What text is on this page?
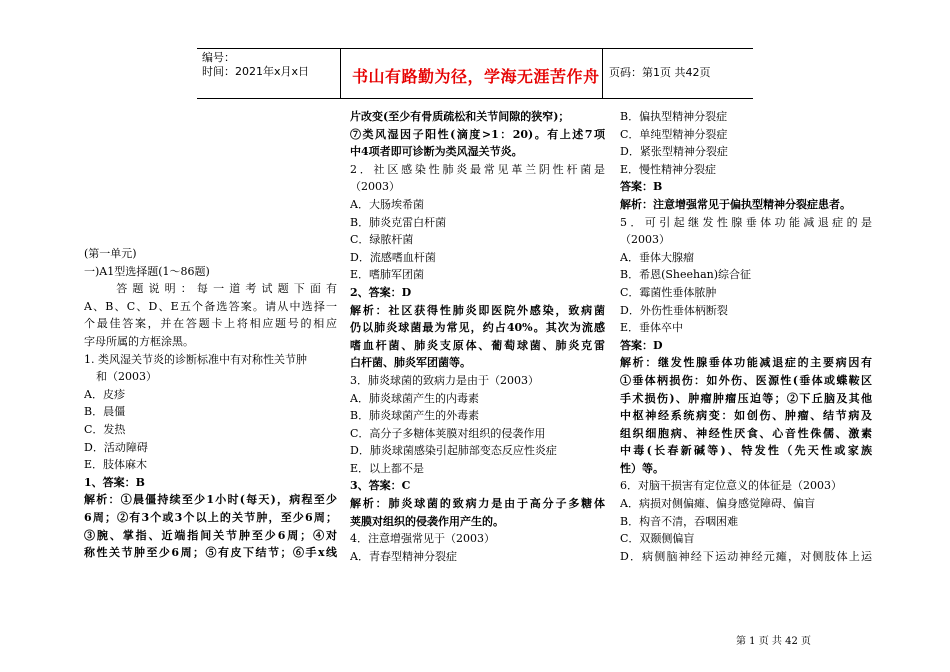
编号：
时间：2021年x月x日	书山有路勤为径，学海无涯苦作舟 页码：第1页 共42页

(第一单元)

一)A1型选择题(1～86题)

　　答题说明：每一道考试题下面有

A、B、C、D、E五个备选答案。请从中选择一

个最佳答案，并在答题卡上将相应题号的相应

字母所属的方框涂黑。

1. 类风湿关节炎的诊断标准中有对称性关节肿

和（2003）

A．皮疹

B．晨僵

C．发热

D．活动障碍

E．肢体麻木

1、答案：B

解析：①晨僵持续至少1小时(每天)，病程至少

6周；②有3个或3个以上的关节肿，至少6周；

③腕、掌指、近端指间关节肿至少6周；④对

称性关节肿至少6周；⑤有皮下结节；⑥手x线

片改变(至少有骨质疏松和关节间隙的狭窄)；

⑦类风湿因子阳性(滴度>1：20)。有上述7项

中4项者即可诊断为类风湿关节炎。

2．社区感染性肺炎最常见革兰阴性杆菌是

（2003）

A．大肠埃希菌

B．肺炎克雷白杆菌

C．绿脓杆菌

D．流感嗜血杆菌

E．嗜肺军团菌

2、答案：D

解析：社区获得性肺炎即医院外感染，致病菌

仍以肺炎球菌最为常见，约占40%。其次为流感

嗜血杆菌、肺炎支原体、葡萄球菌、肺炎克雷

白杆菌、肺炎军团菌等。

3．肺炎球菌的致病力是由于（2003）

A．肺炎球菌产生的内毒素

B．肺炎球菌产生的外毒素

C．高分子多糖体荚膜对组织的侵袭作用

D．肺炎球菌感染引起肺部变态反应性炎症

E．以上都不是

3、答案：C

解析：肺炎球菌的致病力是由于高分子多糖体

荚膜对组织的侵袭作用产生的。

4．注意增强常见于（2003）

A．青春型精神分裂症

B．偏执型精神分裂症

C．单纯型精神分裂症

D．紧张型精神分裂症

E．慢性精神分裂症

答案：B

解析：注意增强常见于偏执型精神分裂症患者。

5．可引起继发性腺垂体功能减退症的是

（2003）

A．垂体大腺瘤

B．希恩(Sheehan)综合征

C．霉菌性垂体脓肿

D．外伤性垂体柄断裂

E．垂体卒中

答案：D

解析：继发性腺垂体功能减退症的主要病因有

①垂体柄损伤：如外伤、医源性(垂体或蝶鞍区

手术损伤)、肿瘤肿瘤压迫等；②下丘脑及其他

中枢神经系统病变：如创伤、肿瘤、结节病及

组织细胞病、神经性厌食、心音性侏儒、激素

中毒(长春新碱等)、特发性（先天性或家族

性）等。

6．对脑干损害有定位意义的体征是（2003）

A．病损对侧偏瘫、偏身感觉障碍、偏盲

B．构音不清，吞咽困难

C．双颞侧偏盲

D．病侧脑神经下运动神经元瘫，对侧肢体上运

第 1 页 共 42 页
